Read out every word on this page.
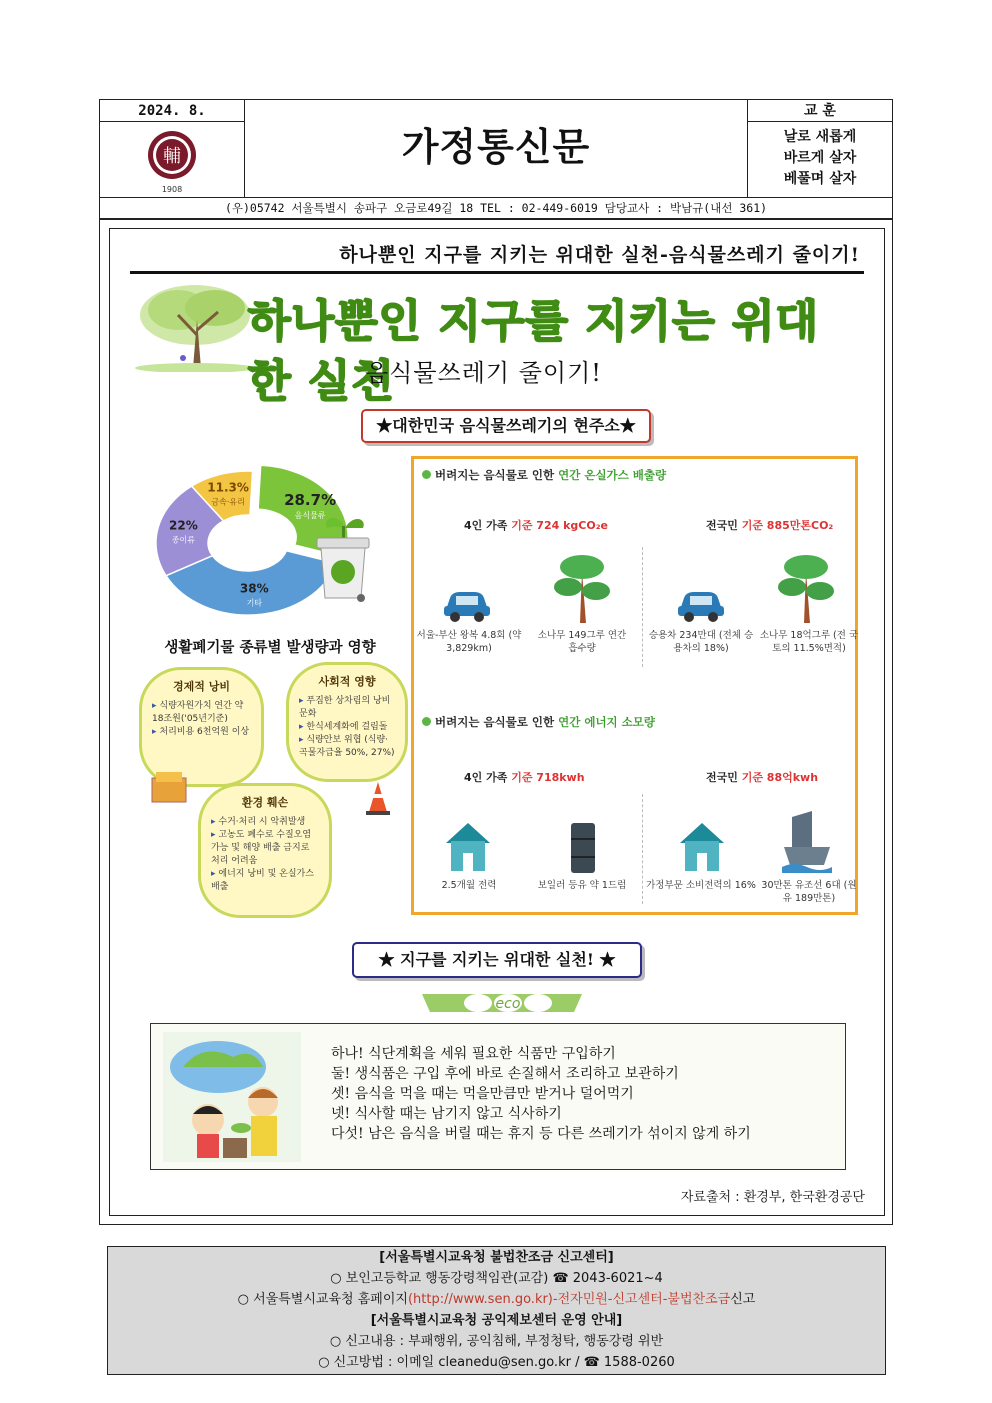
2024. 8.
輔
1908
가정통신문
교 훈
날로 새롭게
바르게 살자
베풀며 살자
(우)05742 서울특별시 송파구 오금로49길 18 TEL : 02-449-6019 담당교사 : 박남규(내선 361)
하나뿐인 지구를 지키는 위대한 실천-음식물쓰레기 줄이기!
하나뿐인 지구를 지키는 위대한 실천
음식물쓰레기 줄이기!
★대한민국 음식물쓰레기의 현주소★
28.7%
음식물류
38%
기타
22%
종이류
11.3%
금속·유리
생활폐기물 종류별 발생량과 영향
경제적 낭비
▸ 식량자원가치 연간 약18조원('05년기준)
▸ 처리비용 6천억원 이상
사회적 영향
▸ 푸짐한 상차림의 낭비문화
▸ 한식세계화에 걸림돌
▸ 식량안보 위협 (식량·곡물자급율 50%, 27%)
환경 훼손
▸ 수거·처리 시 악취발생
▸ 고농도 폐수로 수질오염 가능 및 해양 배출 금지로 처리 어려움
▸ 에너지 낭비 및 온실가스 배출
버려지는 음식물로 인한 연간 온실가스 배출량
4인 가족 기준 724 kgCO₂e	전국민 기준 885만톤CO₂
서울-부산 왕복 4.8회 (약 3,829km)
소나무 149그루 연간 흡수량
승용차 234만대 (전체 승용차의 18%)
소나무 18억그루 (전 국토의 11.5%면적)
버려지는 음식물로 인한 연간 에너지 소모량
4인 가족 기준 718kwh	전국민 기준 88억kwh
2.5개월 전력	보일러 등유 약 1드럼	가정부문 소비전력의 16% 30만톤 유조선 6대 (원유 189만톤)
★ 지구를 지키는 위대한 실천! ★
eco
하나! 식단계획을 세워 필요한 식품만 구입하기
둘! 생식품은 구입 후에 바로 손질해서 조리하고 보관하기
셋! 음식을 먹을 때는 먹을만큼만 받거나 덜어먹기
넷! 식사할 때는 남기지 않고 식사하기
다섯! 남은 음식을 버릴 때는 휴지 등 다른 쓰레기가 섞이지 않게 하기
자료출처 : 환경부, 한국환경공단
[서울특별시교육청 불법찬조금 신고센터]
○ 보인고등학교 행동강령책임관(교감) ☎ 2043-6021~4
○ 서울특별시교육청 홈페이지(http://www.sen.go.kr)-전자민원-신고센터-불법찬조금신고
[서울특별시교육청 공익제보센터 운영 안내]
○ 신고내용 : 부패행위, 공익침해, 부정청탁, 행동강령 위반
○ 신고방법 : 이메일 cleanedu@sen.go.kr / ☎ 1588-0260
